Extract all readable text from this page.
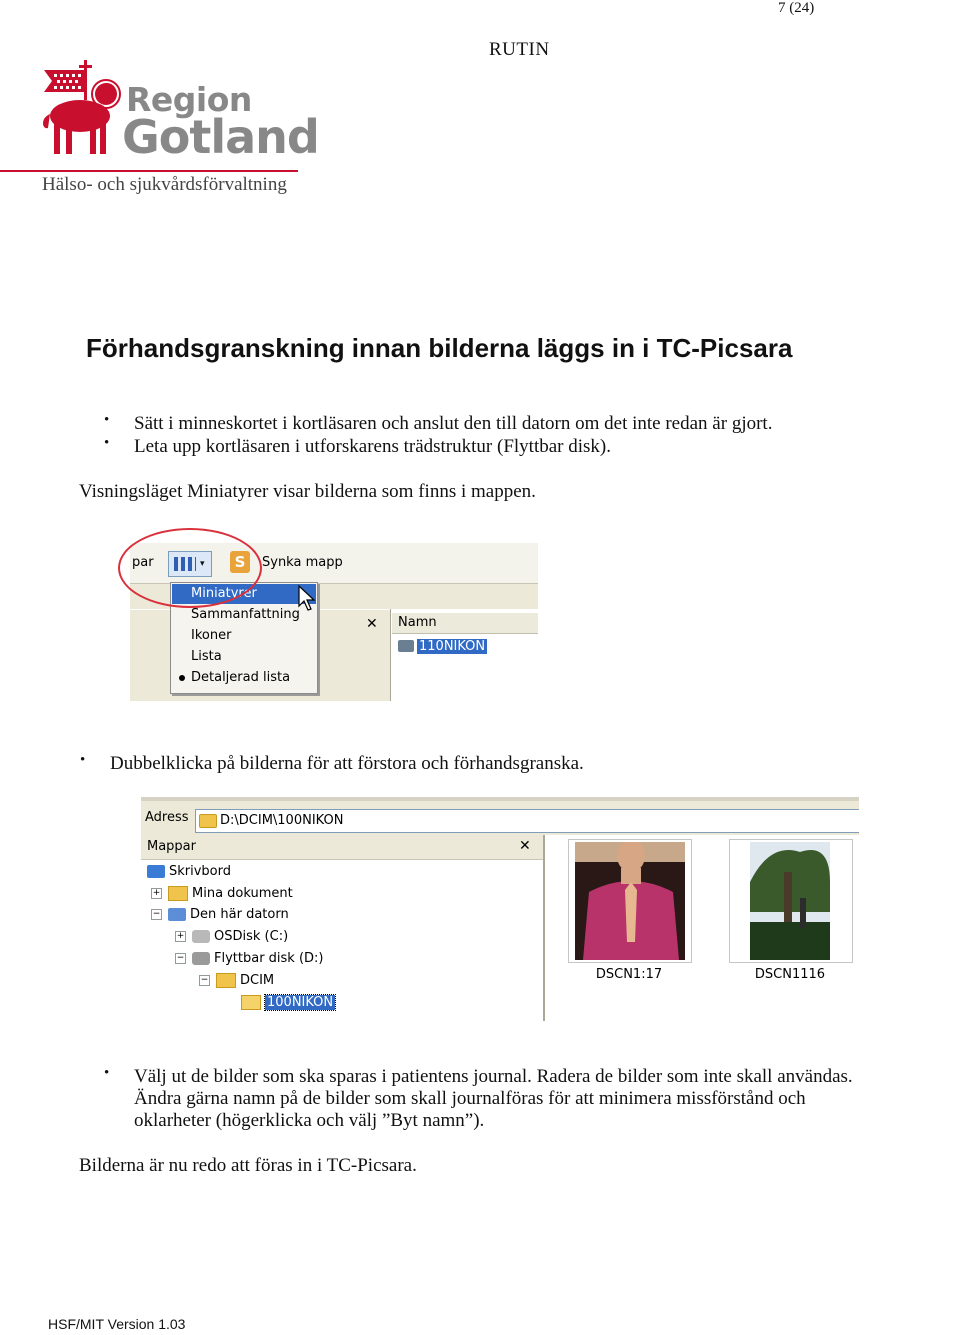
7 (24)
RUTIN
Region
Gotland
Hälso- och sjukvårdsförvaltning
Förhandsgranskning innan bilderna läggs in i TC-Picsara
• Sätt i minneskortet i kortläsaren och anslut den till datorn om det inte redan är gjort.
• Leta upp kortläsaren i utforskarens trädstruktur (Flyttbar disk).
Visningsläget Miniatyrer visar bilderna som finns i mappen.
par	▾	S	Synka mapp
✕ Namn
110NIKON
Miniatyrer
Sammanfattning
Ikoner
Lista
Detaljerad lista
• Dubbelklicka på bilderna för att förstora och förhandsgranska.
Adress D:\DCIM\100NIKON
Mappar	✕
Skrivbord
+ Mina dokument
− Den här datorn
+ OSDisk (C:)
− Flyttbar disk (D:)
− DCIM
100NIKON
DSCN1:17	DSCN1116
• Välj ut de bilder som ska sparas i patientens journal. Radera de bilder som inte skall användas.
Ändra gärna namn på de bilder som skall journalföras för att minimera missförstånd och
oklarheter (högerklicka och välj ”Byt namn”).
Bilderna är nu redo att föras in i TC-Picsara.
HSF/MIT Version 1.03
